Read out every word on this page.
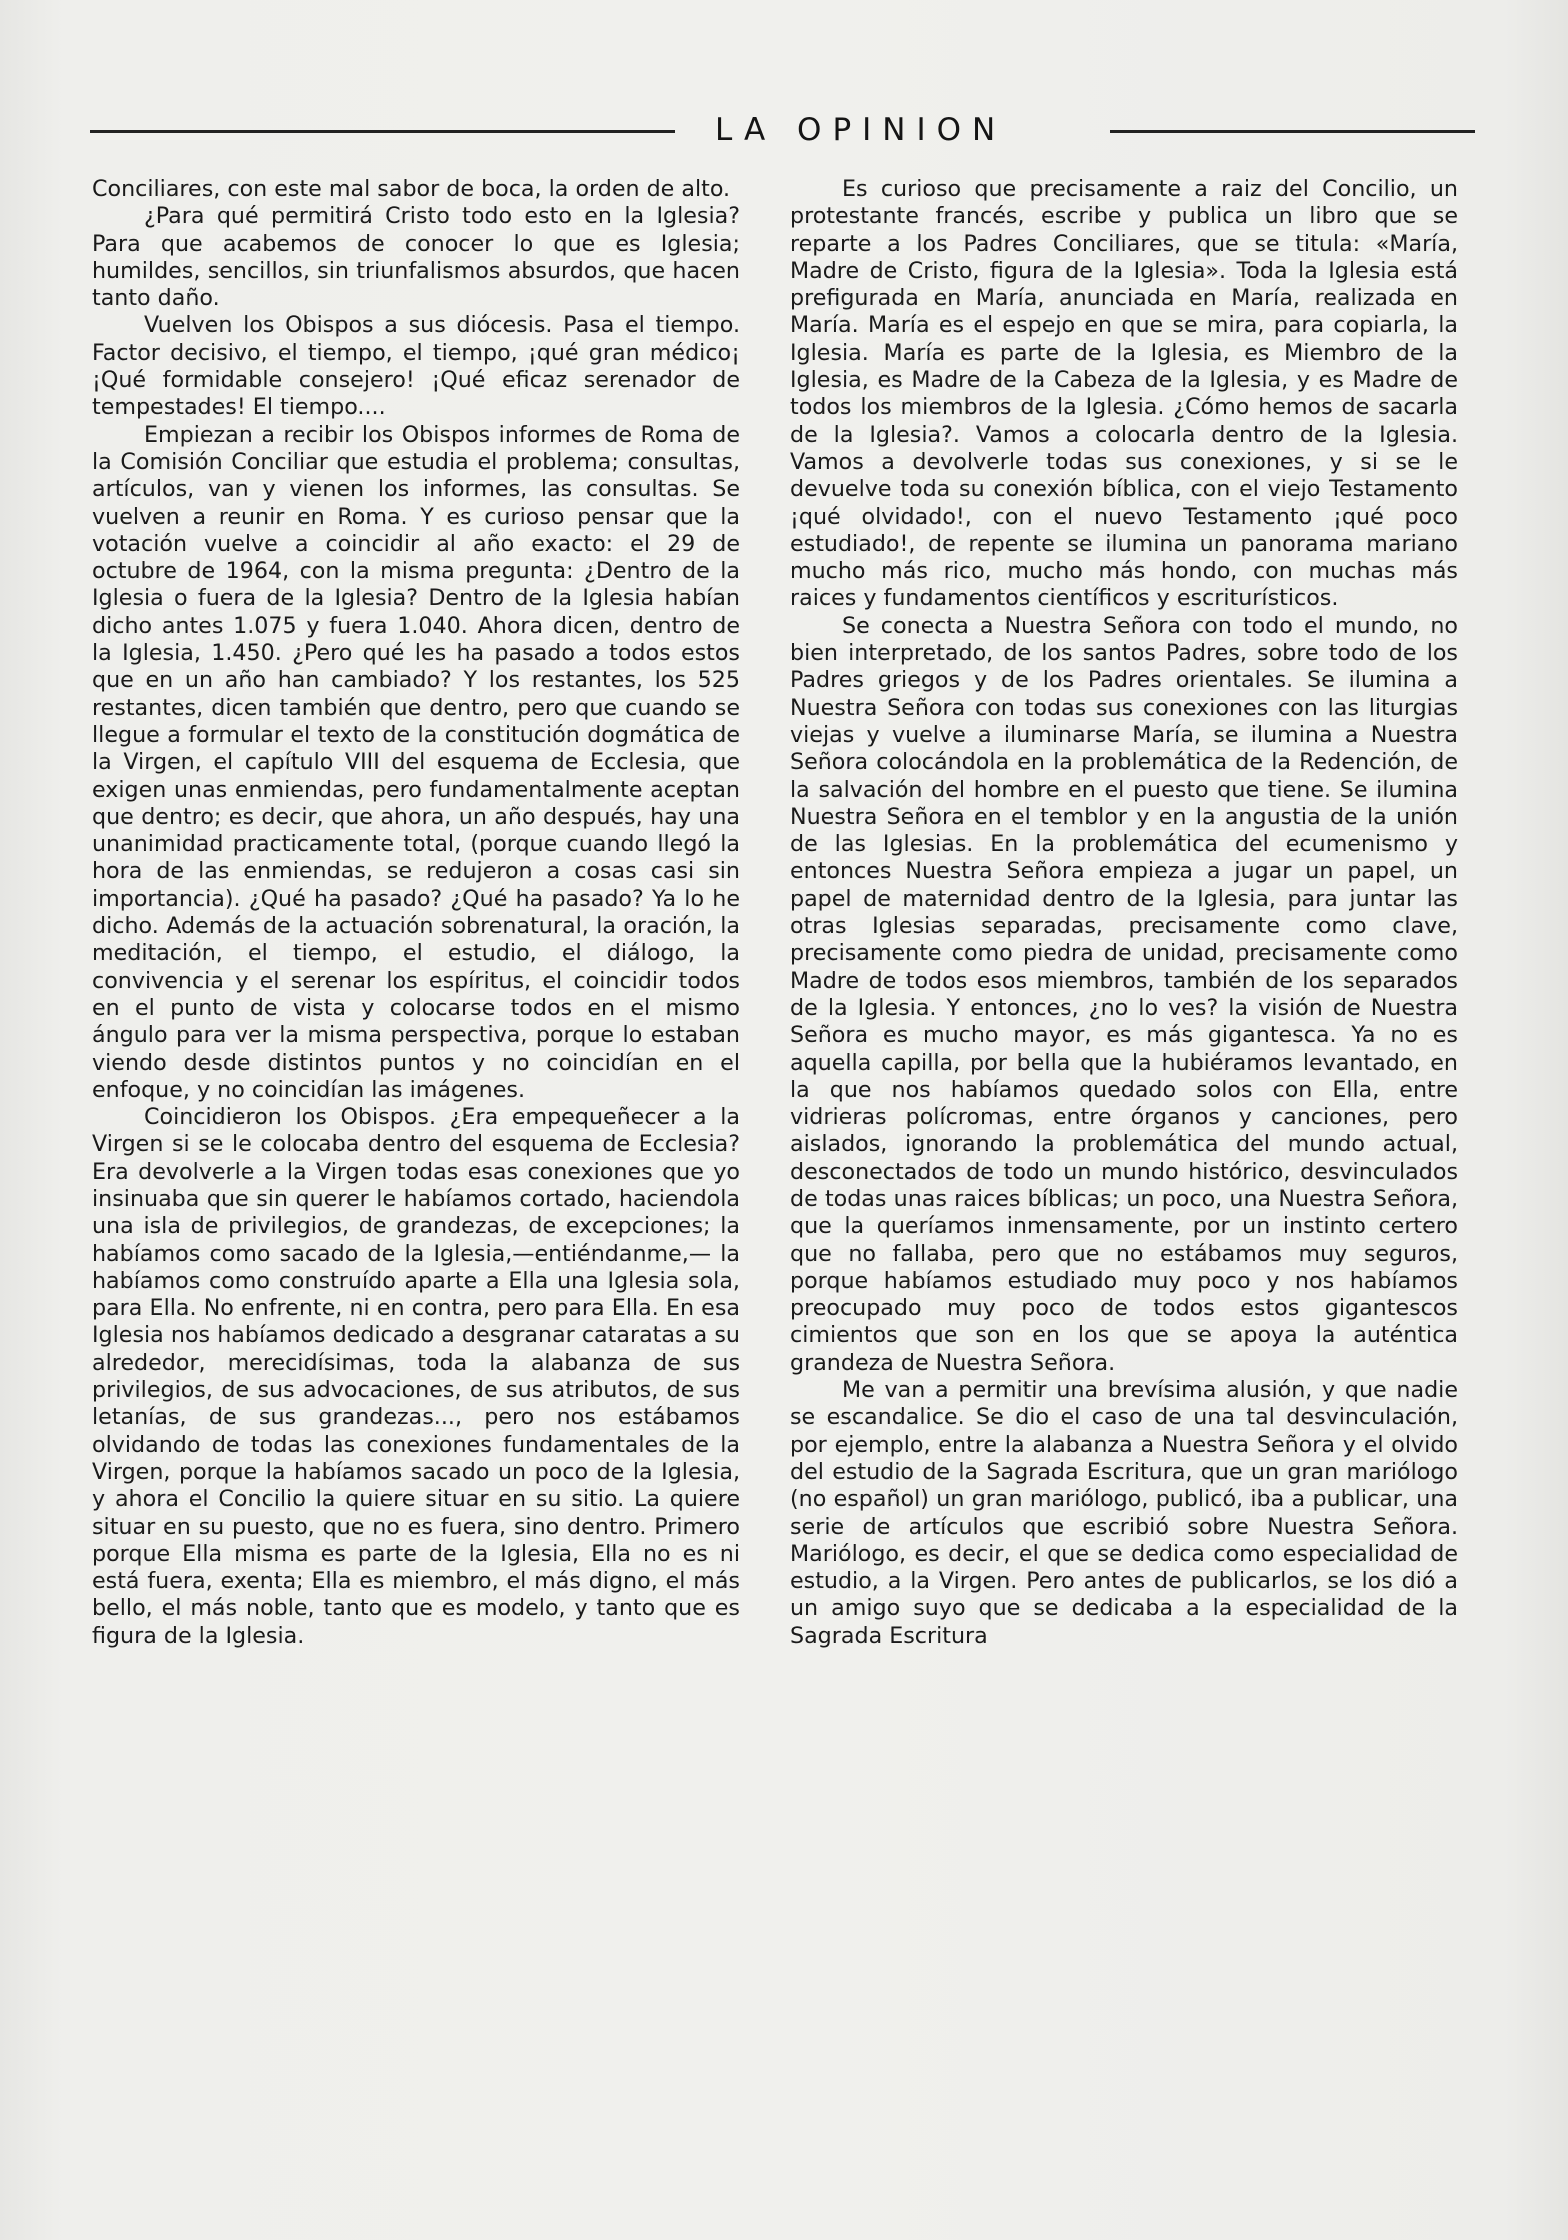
LA OPINION

Conciliares, con este mal sabor de boca, la orden de alto.

¿Para qué permitirá Cristo todo esto en la Iglesia? Para que acabemos de conocer lo que es Iglesia; humildes, sencillos, sin triunfalismos absurdos, que hacen tanto daño.

Vuelven los Obispos a sus diócesis. Pasa el tiempo. Factor decisivo, el tiempo, el tiempo, ¡qué gran médico¡ ¡Qué formidable consejero! ¡Qué eficaz serenador de tempestades! El tiempo....

Empiezan a recibir los Obispos informes de Roma de la Comisión Conciliar que estudia el problema; consultas, artículos, van y vienen los informes, las consultas. Se vuelven a reunir en Roma. Y es curioso pensar que la votación vuelve a coincidir al año exacto: el 29 de octubre de 1964, con la misma pregunta: ¿Dentro de la Iglesia o fuera de la Iglesia? Dentro de la Iglesia habían dicho antes 1.075 y fuera 1.040. Ahora dicen, dentro de la Iglesia, 1.450. ¿Pero qué les ha pasado a todos estos que en un año han cambiado? Y los restantes, los 525 restantes, dicen también que dentro, pero que cuando se llegue a formular el texto de la constitución dogmática de la Virgen, el capítulo VIII del esquema de Ecclesia, que exigen unas enmiendas, pero fundamentalmente aceptan que dentro; es decir, que ahora, un año después, hay una unanimidad practicamente total, (porque cuando llegó la hora de las enmiendas, se redujeron a cosas casi sin importancia). ¿Qué ha pasado? ¿Qué ha pasado? Ya lo he dicho. Además de la actuación sobrenatural, la oración, la meditación, el tiempo, el estudio, el diálogo, la convivencia y el serenar los espíritus, el coincidir todos en el punto de vista y colocarse todos en el mismo ángulo para ver la misma perspectiva, porque lo estaban viendo desde distintos puntos y no coincidían en el enfoque, y no coincidían las imágenes.

Coincidieron los Obispos. ¿Era empequeñecer a la Virgen si se le colocaba dentro del esquema de Ecclesia? Era devolverle a la Virgen todas esas conexiones que yo insinuaba que sin querer le habíamos cortado, haciendola una isla de privilegios, de grandezas, de excepciones; la habíamos como sacado de la Iglesia,—entiéndanme,— la habíamos como construído aparte a Ella una Iglesia sola, para Ella. No enfrente, ni en contra, pero para Ella. En esa Iglesia nos habíamos dedicado a desgranar cataratas a su alrededor, merecidísimas, toda la alabanza de sus privilegios, de sus advocaciones, de sus atributos, de sus letanías, de sus grandezas..., pero nos estábamos olvidando de todas las conexiones fundamentales de la Virgen, porque la habíamos sacado un poco de la Iglesia, y ahora el Concilio la quiere situar en su sitio. La quiere situar en su puesto, que no es fuera, sino dentro. Primero porque Ella misma es parte de la Iglesia, Ella no es ni está fuera, exenta; Ella es miembro, el más digno, el más bello, el más noble, tanto que es modelo, y tanto que es figura de la Iglesia.

Es curioso que precisamente a raiz del Concilio, un protestante francés, escribe y publica un libro que se reparte a los Padres Conciliares, que se titula: «María, Madre de Cristo, figura de la Iglesia». Toda la Iglesia está prefigurada en María, anunciada en María, realizada en María. María es el espejo en que se mira, para copiarla, la Iglesia. María es parte de la Iglesia, es Miembro de la Iglesia, es Madre de la Cabeza de la Iglesia, y es Madre de todos los miembros de la Iglesia. ¿Cómo hemos de sacarla de la Iglesia?. Vamos a colocarla dentro de la Iglesia. Vamos a devolverle todas sus conexiones, y si se le devuelve toda su conexión bíblica, con el viejo Testamento ¡qué olvidado!, con el nuevo Testamento ¡qué poco estudiado!, de repente se ilumina un panorama mariano mucho más rico, mucho más hondo, con muchas más raices y fundamentos científicos y escriturísticos.

Se conecta a Nuestra Señora con todo el mundo, no bien interpretado, de los santos Padres, sobre todo de los Padres griegos y de los Padres orientales. Se ilumina a Nuestra Señora con todas sus conexiones con las liturgias viejas y vuelve a iluminarse María, se ilumina a Nuestra Señora colocándola en la problemática de la Redención, de la salvación del hombre en el puesto que tiene. Se ilumina Nuestra Señora en el temblor y en la angustia de la unión de las Iglesias. En la problemática del ecumenismo y entonces Nuestra Señora empieza a jugar un papel, un papel de maternidad dentro de la Iglesia, para juntar las otras Iglesias separadas, precisamente como clave, precisamente como piedra de unidad, precisamente como Madre de todos esos miembros, también de los separados de la Iglesia. Y entonces, ¿no lo ves? la visión de Nuestra Señora es mucho mayor, es más gigantesca. Ya no es aquella capilla, por bella que la hubiéramos levantado, en la que nos habíamos quedado solos con Ella, entre vidrieras polícromas, entre órganos y canciones, pero aislados, ignorando la problemática del mundo actual, desconectados de todo un mundo histórico, desvinculados de todas unas raices bíblicas; un poco, una Nuestra Señora, que la queríamos inmensamente, por un instinto certero que no fallaba, pero que no estábamos muy seguros, porque habíamos estudiado muy poco y nos habíamos preocupado muy poco de todos estos gigantescos cimientos que son en los que se apoya la auténtica grandeza de Nuestra Señora.

Me van a permitir una brevísima alusión, y que nadie se escandalice. Se dio el caso de una tal desvinculación, por ejemplo, entre la alabanza a Nuestra Señora y el olvido del estudio de la Sagrada Escritura, que un gran mariólogo (no español) un gran mariólogo, publicó, iba a publicar, una serie de artículos que escribió sobre Nuestra Señora. Mariólogo, es decir, el que se dedica como especialidad de estudio, a la Virgen. Pero antes de publicarlos, se los dió a un amigo suyo que se dedicaba a la especialidad de la Sagrada Escritura
